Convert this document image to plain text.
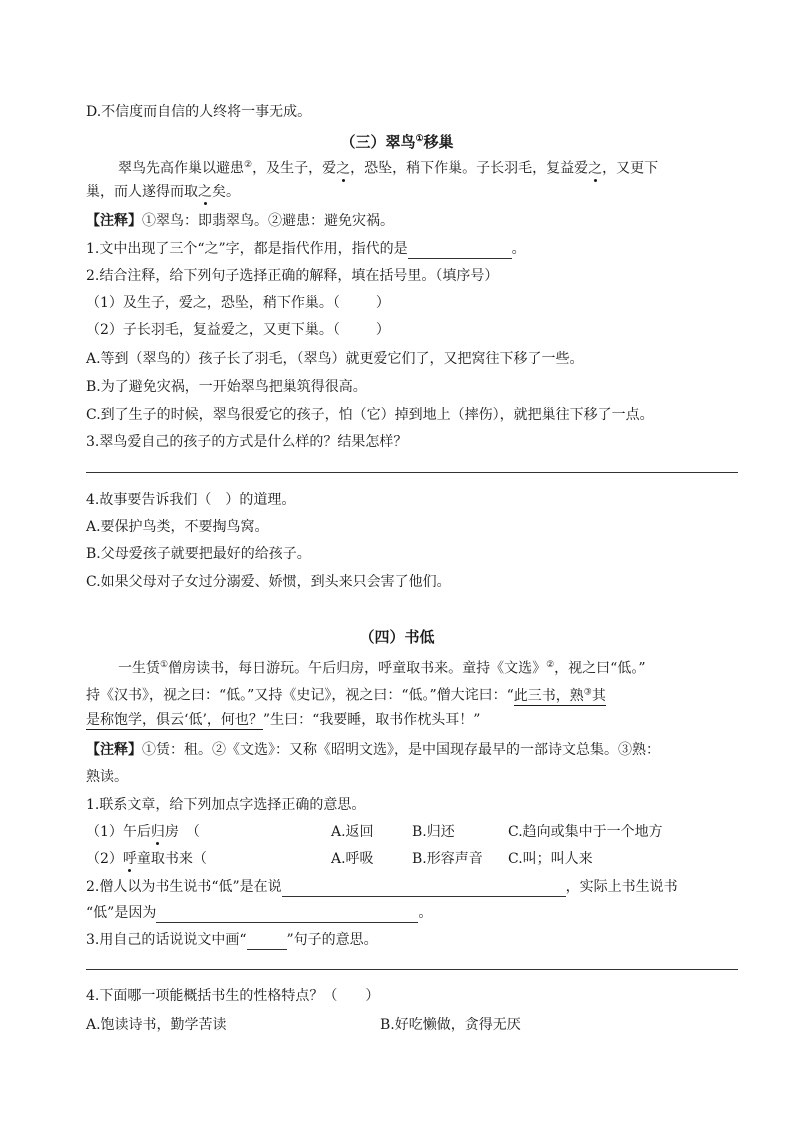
D.不信度而自信的人终将一事无成。
（三）翠鸟①移巢
翠鸟先高作巢以避患②，及生子，爱之，恐坠，稍下作巢。子长羽毛，复益爱之，又更下
巢，而人遂得而取之矣。
【注释】①翠鸟：即翡翠鸟。②避患：避免灾祸。
1.文中出现了三个“之”字，都是指代作用，指代的是	。
2.结合注释，给下列句子选择正确的解释，填在括号里。（填序号）
（1）及生子，爱之，恐坠，稍下作巢。（	）
（2）子长羽毛，复益爱之，又更下巢。（	）
A.等到（翠鸟的）孩子长了羽毛，（翠鸟）就更爱它们了，又把窝往下移了一些。
B.为了避免灾祸，一开始翠鸟把巢筑得很高。
C.到了生子的时候，翠鸟很爱它的孩子，怕（它）掉到地上（摔伤），就把巢往下移了一点。
3.翠鸟爱自己的孩子的方式是什么样的？结果怎样？
4.故事要告诉我们（　）的道理。
A.要保护鸟类，不要掏鸟窝。
B.父母爱孩子就要把最好的给孩子。
C.如果父母对子女过分溺爱、娇惯，到头来只会害了他们。
（四）书低
一生赁①僧房读书，每日游玩。午后归房，呼童取书来。童持《文选》②，视之曰“低。”
持《汉书》，视之曰：“低。”又持《史记》，视之曰：“低。”僧大诧曰：“此三书，熟③其
是称饱学，俱云‘低’，何也？”生曰：“我要睡，取书作枕头耳！”
【注释】①赁：租。②《文选》：又称《昭明文选》，是中国现存最早的一部诗文总集。③熟：
熟读。
1.联系文章，给下列加点字选择正确的意思。
（1）午后归房　（	A.返回	B.归还	C.趋向或集中于一个地方
（2）呼童取书来（	A.呼吸	B.形容声音 C.叫；叫人来
2.僧人以为书生说书“低”是在说	，实际上书生说书
“低”是因为	。
3.用自己的话说说文中画“	”句子的意思。
4.下面哪一项能概括书生的性格特点？（　　）
A.饱读诗书，勤学苦读	B.好吃懒做，贪得无厌
